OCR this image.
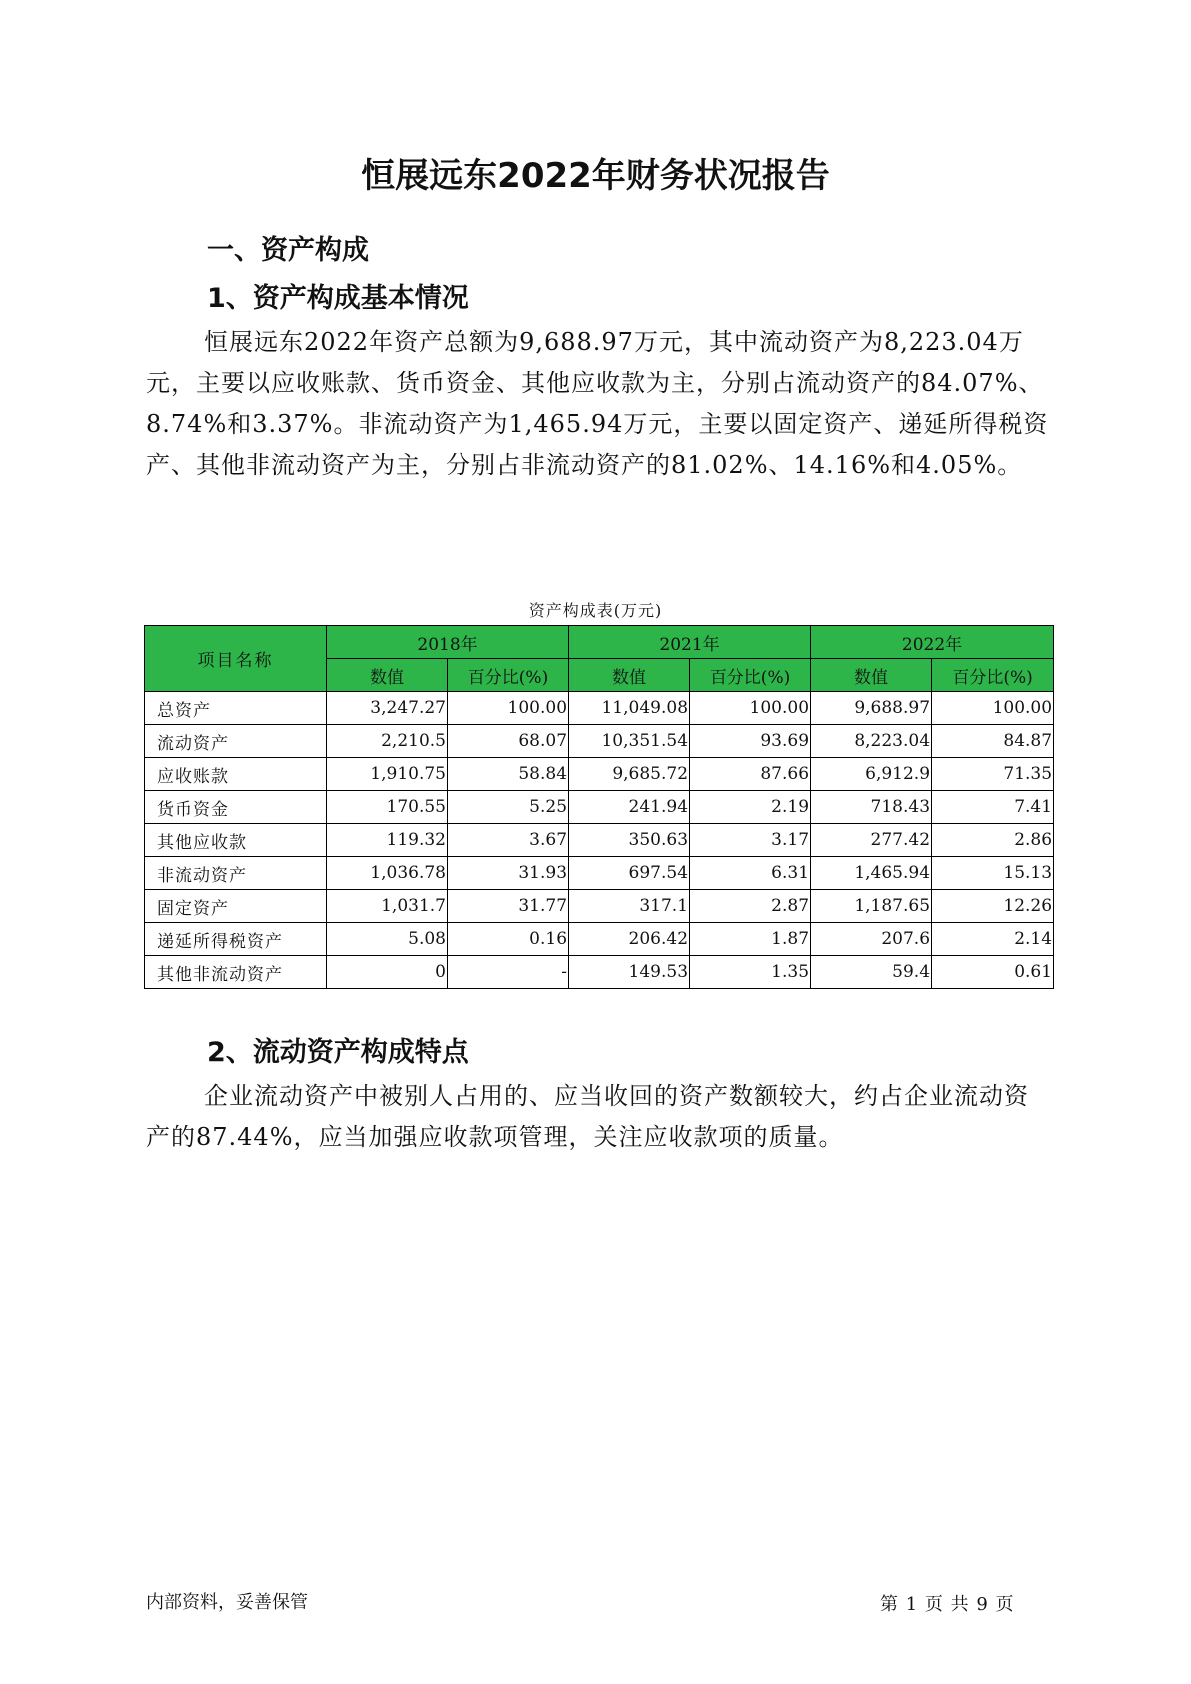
恒展远东2022年财务状况报告
一、资产构成
1、资产构成基本情况

恒展远东2022年资产总额为9,688.97万元，其中流动资产为8,223.04万元，主要以应收账款、货币资金、其他应收款为主，分别占流动资产的84.07%、8.74%和3.37%。非流动资产为1,465.94万元，主要以固定资产、递延所得税资产、其他非流动资产为主，分别占非流动资产的81.02%、14.16%和4.05%。

资产构成表(万元)
项目名称	2018年		2021年		2022年	
	数值	百分比(%)	数值	百分比(%)	数值	百分比(%)
总资产	3,247.27	100.00	11,049.08	100.00	9,688.97	100.00
流动资产	2,210.5	68.07	10,351.54	93.69	8,223.04	84.87
应收账款	1,910.75	58.84	9,685.72	87.66	6,912.9	71.35
货币资金	170.55	5.25	241.94	2.19	718.43	7.41
其他应收款	119.32	3.67	350.63	3.17	277.42	2.86
非流动资产	1,036.78	31.93	697.54	6.31	1,465.94	15.13
固定资产	1,031.7	31.77	317.1	2.87	1,187.65	12.26
递延所得税资产	5.08	0.16	206.42	1.87	207.6	2.14
其他非流动资产	0	-	149.53	1.35	59.4	0.61
2、流动资产构成特点

企业流动资产中被别人占用的、应当收回的资产数额较大，约占企业流动资产的87.44%，应当加强应收款项管理，关注应收款项的质量。

内部资料，妥善保管	第 1 页 共 9 页
